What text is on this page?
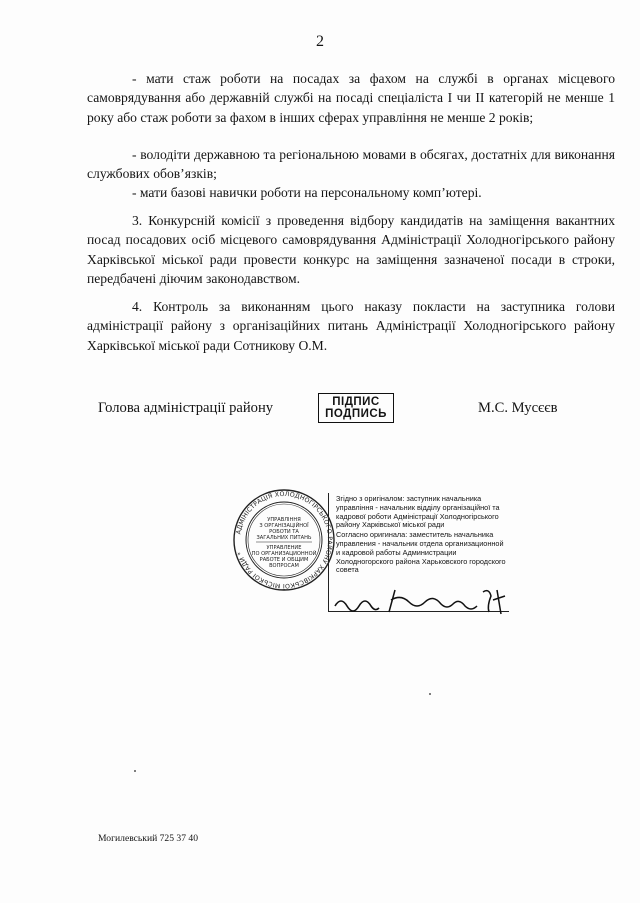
2

- мати стаж роботи на посадах за фахом на службі в органах місцевого самоврядування або державній службі на посаді спеціаліста І чи ІІ категорій не менше 1 року або стаж роботи за фахом в інших сферах управління не менше 2 років;

- володіти державною та регіональною мовами в обсягах, достатніх для виконання службових обов’язків;

- мати базові навички роботи на персональному комп’ютері.

3. Конкурсній комісії з проведення відбору кандидатів на заміщення вакантних посад посадових осіб місцевого самоврядування Адміністрації Холодногірського району Харківської міської ради провести конкурс на заміщення зазначеної посади в строки, передбачені діючим законодавством.

4. Контроль за виконанням цього наказу покласти на заступника голови адміністрації району з організаційних питань Адміністрації Холодногірського району Харківської міської ради Сотникову О.М.

Голова адміністрації району	ПІДПИС
ПОДПИСЬ	М.С. Мусєєв
АДМІНІСТРАЦІЯ ХОЛОДНОГІРСЬКОГО РАЙОНУ ХАРКІВСЬКОЇ МІСЬКОЇ РАДИ *
УПРАВЛІННЯ
З ОРГАНІЗАЦІЙНОЇ
РОБОТИ ТА
ЗАГАЛЬНИХ ПИТАНЬ
УПРАВЛЕНИЕ
ПО ОРГАНИЗАЦИОННОЙ
РАБОТЕ И ОБЩИМ
ВОПРОСАМ

Згідно з оригіналом: заступник начальника управління - начальник відділу організаційної та кадрової роботи Адміністрації Холодногірського району Харківської міської ради

Согласно оригинала: заместитель начальника управления - начальник отдела организационной и кадровой работы Администрации Холодногорского района Харьковского городского совета

Могилевський 725 37 40
